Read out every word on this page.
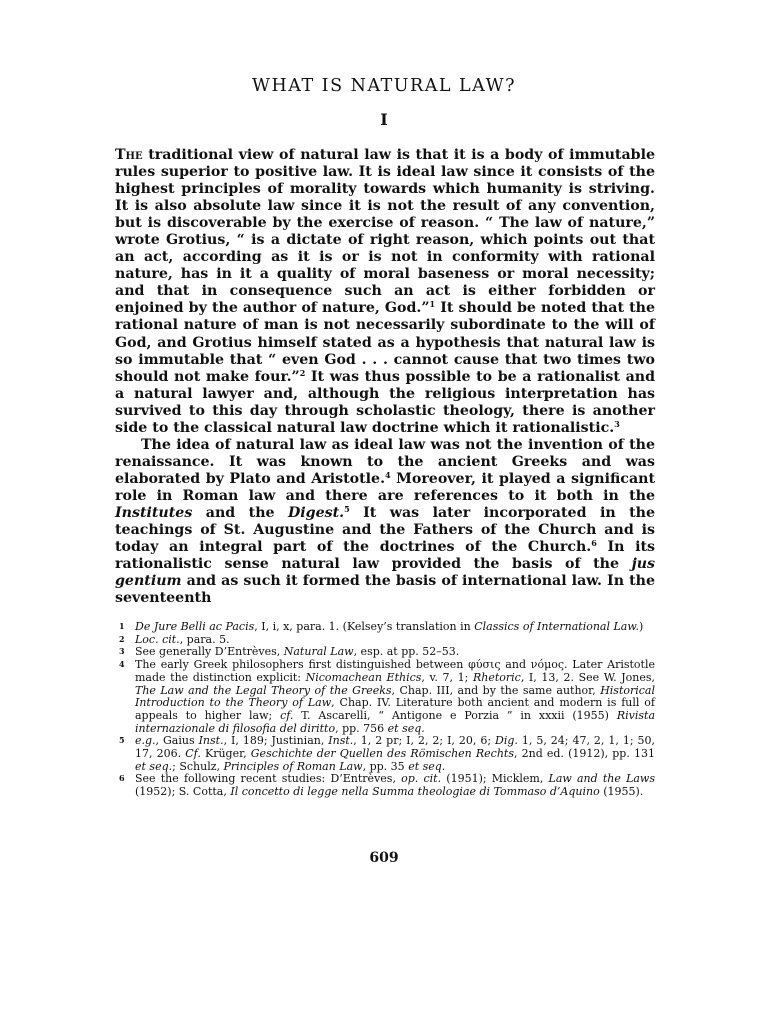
WHAT IS NATURAL LAW?
I

The traditional view of natural law is that it is a body of immutable rules superior to positive law. It is ideal law since it consists of the highest principles of morality towards which humanity is striving. It is also absolute law since it is not the result of any convention, but is discoverable by the exercise of reason. “ The law of nature,” wrote Grotius, “ is a dictate of right reason, which points out that an act, according as it is or is not in conformity with rational nature, has in it a quality of moral baseness or moral necessity; and that in consequence such an act is either forbidden or enjoined by the author of nature, God.”$^1$ It should be noted that the rational nature of man is not necessarily subordinate to the will of God, and Grotius himself stated as a hypothesis that natural law is so immutable that “ even God . . . cannot cause that two times two should not make four.”$^2$ It was thus possible to be a rationalist and a natural lawyer and, although the religious interpretation has survived to this day through scholastic theology, there is another side to the classical natural law doctrine which it rationalistic.$^3$

The idea of natural law as ideal law was not the invention of the renaissance. It was known to the ancient Greeks and was elaborated by Plato and Aristotle.$^4$ Moreover, it played a significant role in Roman law and there are references to it both in the Institutes and the Digest.$^5$ It was later incorporated in the teachings of St. Augustine and the Fathers of the Church and is today an integral part of the doctrines of the Church.$^6$ In its rationalistic sense natural law provided the basis of the jus gentium and as such it formed the basis of international law. In the seventeenth

1 De Jure Belli ac Pacis, I, i, x, para. 1. (Kelsey’s translation in Classics of International Law.)
2 Loc. cit., para. 5.
3 See generally D’Entrèves, Natural Law, esp. at pp. 52–53.
4 The early Greek philosophers first distinguished between φύσις and νόμος. Later Aristotle made the distinction explicit: Nicomachean Ethics, v. 7, 1; Rhetoric, I, 13, 2. See W. Jones, The Law and the Legal Theory of the Greeks, Chap. III, and by the same author, Historical Introduction to the Theory of Law, Chap. IV. Literature both ancient and modern is full of appeals to higher law; cf. T. Ascarelli, “ Antigone e Porzia ” in xxxii (1955) Rivista internazionale di filosofia del diritto, pp. 756 et seq.
5 e.g., Gaius Inst., I, 189; Justinian, Inst., 1, 2 pr; I, 2, 2; I, 20, 6; Dig. 1, 5, 24; 47, 2, 1, 1; 50, 17, 206. Cf. Krüger, Geschichte der Quellen des Römischen Rechts, 2nd ed. (1912), pp. 131 et seq.; Schulz, Principles of Roman Law, pp. 35 et seq.
6 See the following recent studies: D’Entrèves, op. cit. (1951); Micklem, Law and the Laws (1952); S. Cotta, Il concetto di legge nella Summa theologiae di Tommaso d’Aquino (1955).
609
